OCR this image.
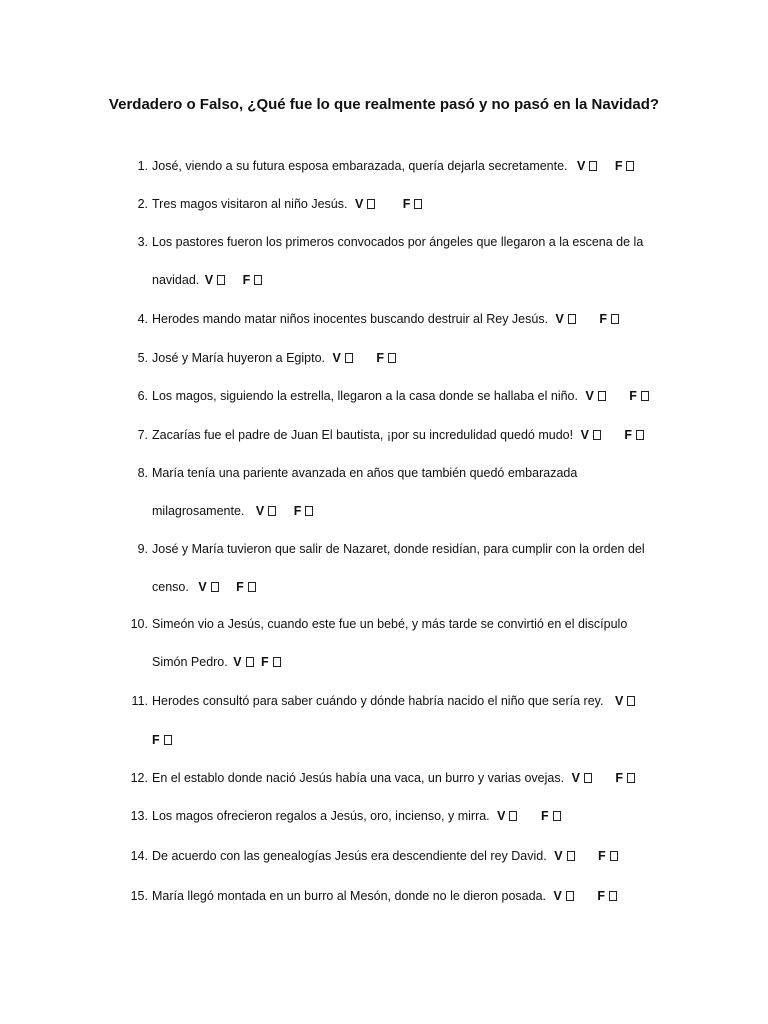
Verdadero o Falso, ¿Qué fue lo que realmente pasó y no pasó en la Navidad?
1. José, viendo a su futura esposa embarazada, quería dejarla secretamente. V F
2. Tres magos visitaron al niño Jesús. V	F
3. Los pastores fueron los primeros convocados por ángeles que llegaron a la escena de la
navidad. V F
4. Herodes mando matar niños inocentes buscando destruir al Rey Jesús. V	F
5. José y María huyeron a Egipto. V	F
6. Los magos, siguiendo la estrella, llegaron a la casa donde se hallaba el niño. V	F
7. Zacarías fue el padre de Juan El bautista, ¡por su incredulidad quedó mudo! V	F
8. María tenía una pariente avanzada en años que también quedó embarazada
milagrosamente. V F
9. José y María tuvieron que salir de Nazaret, donde residían, para cumplir con la orden del
censo. V F
10. Simeón vio a Jesús, cuando este fue un bebé, y más tarde se convirtió en el discípulo
Simón Pedro. V F
11. Herodes consultó para saber cuándo y dónde habría nacido el niño que sería rey. V
F
12. En el establo donde nació Jesús había una vaca, un burro y varias ovejas. V	F
13. Los magos ofrecieron regalos a Jesús, oro, incienso, y mirra. V	F
14. De acuerdo con las genealogías Jesús era descendiente del rey David. V	F
15. María llegó montada en un burro al Mesón, donde no le dieron posada. V	F
